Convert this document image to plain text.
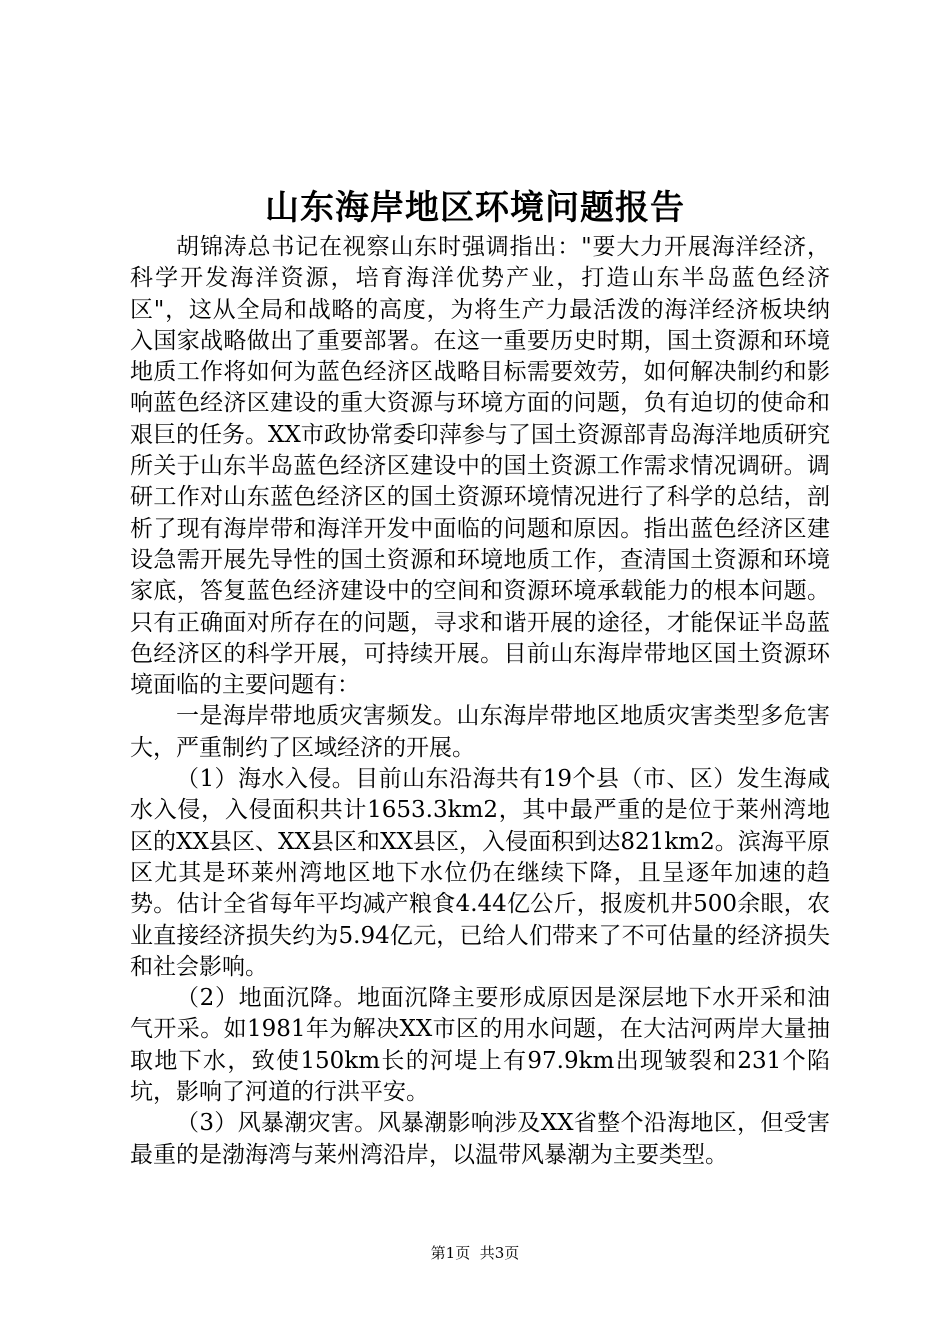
山东海岸地区环境问题报告

胡锦涛总书记在视察山东时强调指出："要大力开展海洋经济，科学开发海洋资源，培育海洋优势产业，打造山东半岛蓝色经济区"，这从全局和战略的高度，为将生产力最活泼的海洋经济板块纳入国家战略做出了重要部署。在这一重要历史时期，国土资源和环境地质工作将如何为蓝色经济区战略目标需要效劳，如何解决制约和影响蓝色经济区建设的重大资源与环境方面的问题，负有迫切的使命和艰巨的任务。XX市政协常委印萍参与了国土资源部青岛海洋地质研究所关于山东半岛蓝色经济区建设中的国土资源工作需求情况调研。调研工作对山东蓝色经济区的国土资源环境情况进行了科学的总结，剖析了现有海岸带和海洋开发中面临的问题和原因。指出蓝色经济区建设急需开展先导性的国土资源和环境地质工作，查清国土资源和环境家底，答复蓝色经济建设中的空间和资源环境承载能力的根本问题。只有正确面对所存在的问题，寻求和谐开展的途径，才能保证半岛蓝色经济区的科学开展，可持续开展。目前山东海岸带地区国土资源环境面临的主要问题有：

一是海岸带地质灾害频发。山东海岸带地区地质灾害类型多危害大，严重制约了区域经济的开展。

（1）海水入侵。目前山东沿海共有19个县（市、区）发生海咸水入侵，入侵面积共计1653.3km2，其中最严重的是位于莱州湾地区的XX县区、XX县区和XX县区，入侵面积到达821km2。滨海平原区尤其是环莱州湾地区地下水位仍在继续下降，且呈逐年加速的趋势。估计全省每年平均减产粮食4.44亿公斤，报废机井500余眼，农业直接经济损失约为5.94亿元，已给人们带来了不可估量的经济损失和社会影响。

（2）地面沉降。地面沉降主要形成原因是深层地下水开采和油气开采。如1981年为解决XX市区的用水问题，在大沽河两岸大量抽取地下水，致使150km长的河堤上有97.9km出现皱裂和231个陷坑，影响了河道的行洪平安。

（3）风暴潮灾害。风暴潮影响涉及XX省整个沿海地区，但受害最重的是渤海湾与莱州湾沿岸，以温带风暴潮为主要类型。

第1页 共3页
